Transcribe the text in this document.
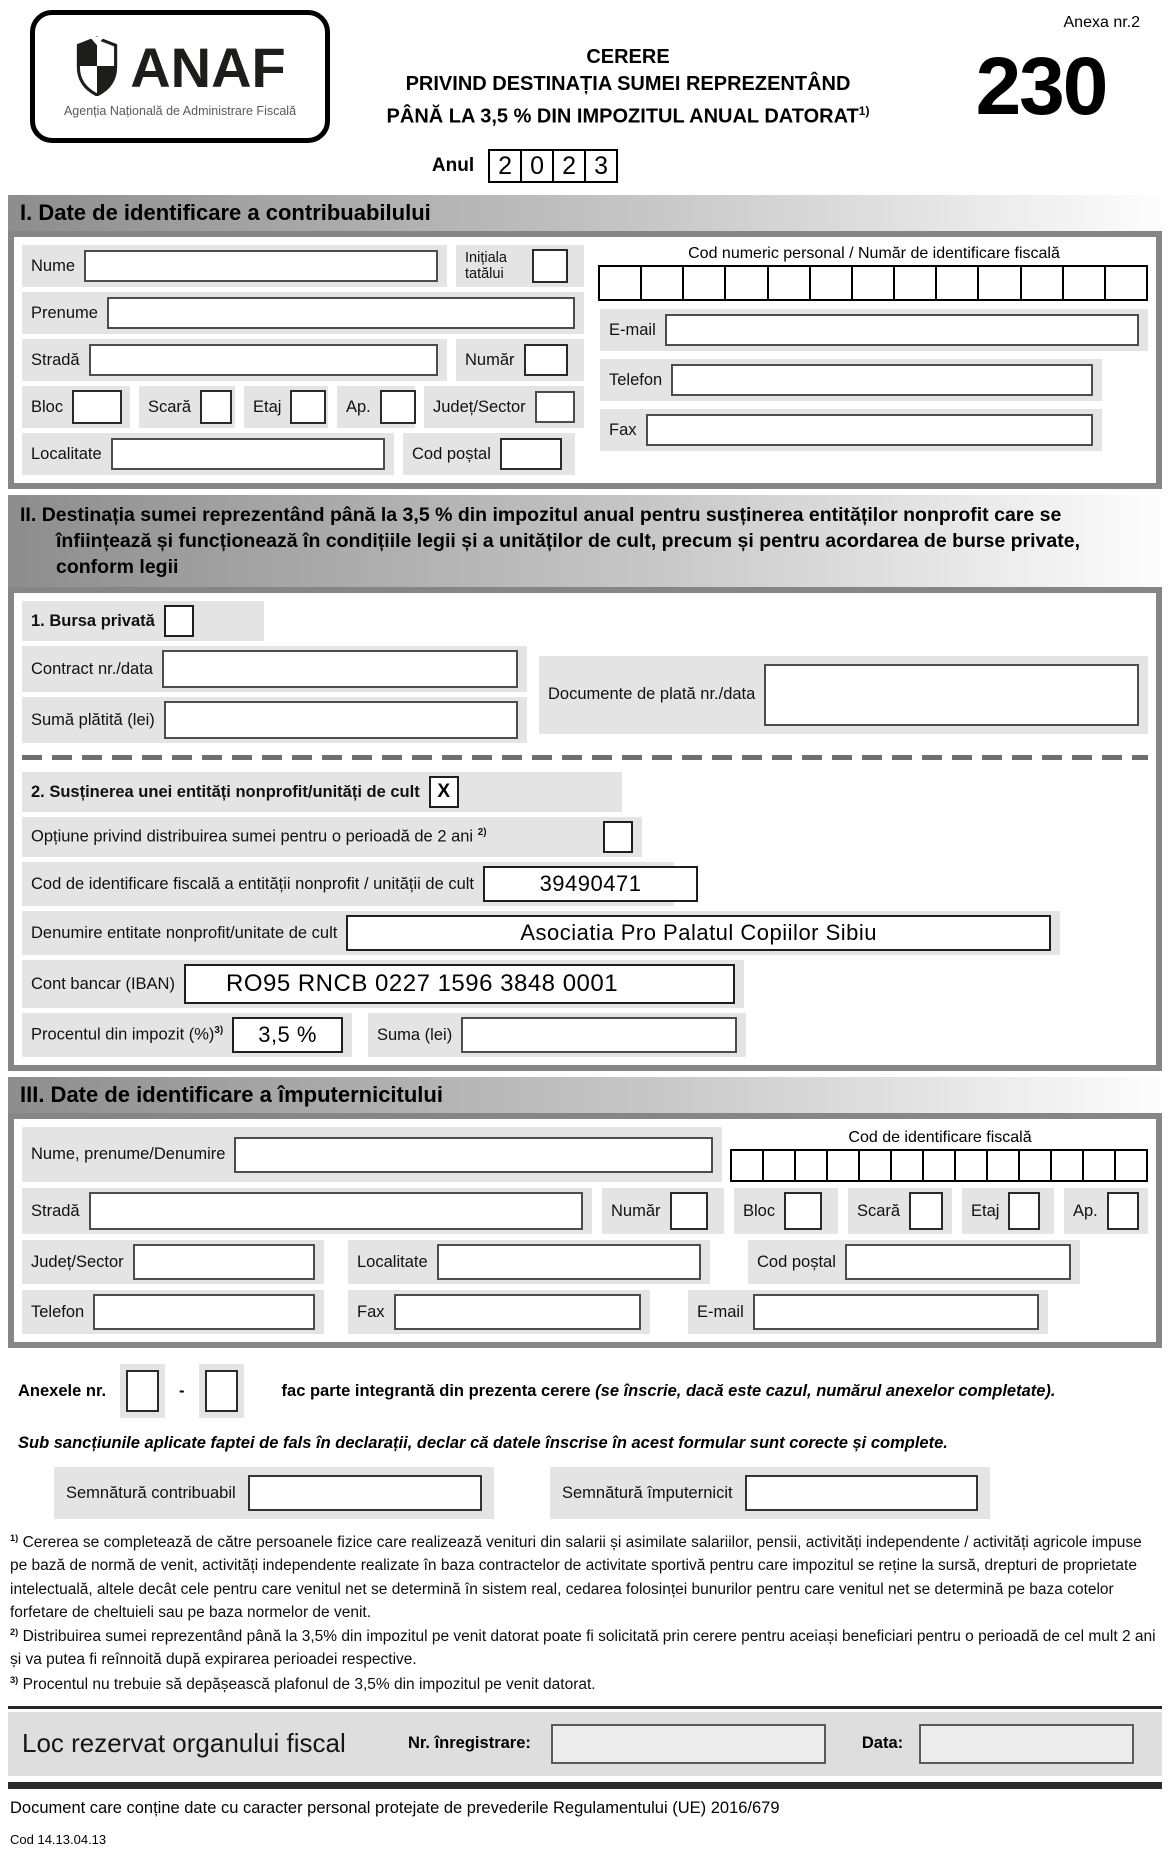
ANAF
Agenția Națională de Administrare Fiscală
CERERE
PRIVIND DESTINAȚIA SUMEI REPREZENTÂND
PÂNĂ LA 3,5 % DIN IMPOZITUL ANUAL DATORAT$^{1)}$
Anexa nr.2
230
Anul 2 0 2 3
I. Date de identificare a contribuabilului
Nume	Inițiala tatălui
Prenume
Stradă	Număr
Bloc	Scară	Etaj	Ap.	Județ/Sector
Localitate	Cod poștal
Cod numeric personal / Număr de identificare fiscală
E-mail
Telefon
Fax
II. Destinația sumei reprezentând până la 3,5 % din impozitul anual pentru susținerea entităților nonprofit care se înființează și funcționează în condițiile legii și a unităților de cult, precum și pentru acordarea de burse private, conform legii
1. Bursa privată
Contract nr./data
Sumă plătită (lei)
Documente de plată nr./data
2. Susținerea unei entități nonprofit/unități de cult X
Opțiune privind distribuirea sumei pentru o perioadă de 2 ani $^{2)}$
Cod de identificare fiscală a entității nonprofit / unității de cult	39490471
Denumire entitate nonprofit/unitate de cult	Asociatia Pro Palatul Copiilor Sibiu
Cont bancar (IBAN)	RO95 RNCB 0227 1596 3848 0001
Procentul din impozit (%)$^{3)}$	3,5 %	Suma (lei)
III. Date de identificare a împuternicitului
Nume, prenume/Denumire
Cod de identificare fiscală
Stradă	Număr	Bloc	Scară	Etaj	Ap.
Județ/Sector	Localitate	Cod poștal
Telefon	Fax	E-mail
Anexele nr.	-	fac parte integrantă din prezenta cerere (se înscrie, dacă este cazul, numărul anexelor completate).
Sub sancțiunile aplicate faptei de fals în declarații, declar că datele înscrise în acest formular sunt corecte și complete.
Semnătură contribuabil	Semnătură împuternicit
$^{1)}$ Cererea se completează de către persoanele fizice care realizează venituri din salarii și asimilate salariilor, pensii, activități independente / activități agricole impuse pe bază de normă de venit, activități independente realizate în baza contractelor de activitate sportivă pentru care impozitul se reține la sursă, drepturi de proprietate intelectuală, altele decât cele pentru care venitul net se determină în sistem real, cedarea folosinței bunurilor pentru care venitul net se determină pe baza cotelor forfetare de cheltuieli sau pe baza normelor de venit.
$^{2)}$ Distribuirea sumei reprezentând până la 3,5% din impozitul pe venit datorat poate fi solicitată prin cerere pentru aceiași beneficiari pentru o perioadă de cel mult 2 ani și va putea fi reînnoită după expirarea perioadei respective.
$^{3)}$ Procentul nu trebuie să depășească plafonul de 3,5% din impozitul pe venit datorat.
Loc rezervat organului fiscal	Nr. înregistrare:	Data:
Document care conține date cu caracter personal protejate de prevederile Regulamentului (UE) 2016/679
Cod 14.13.04.13
